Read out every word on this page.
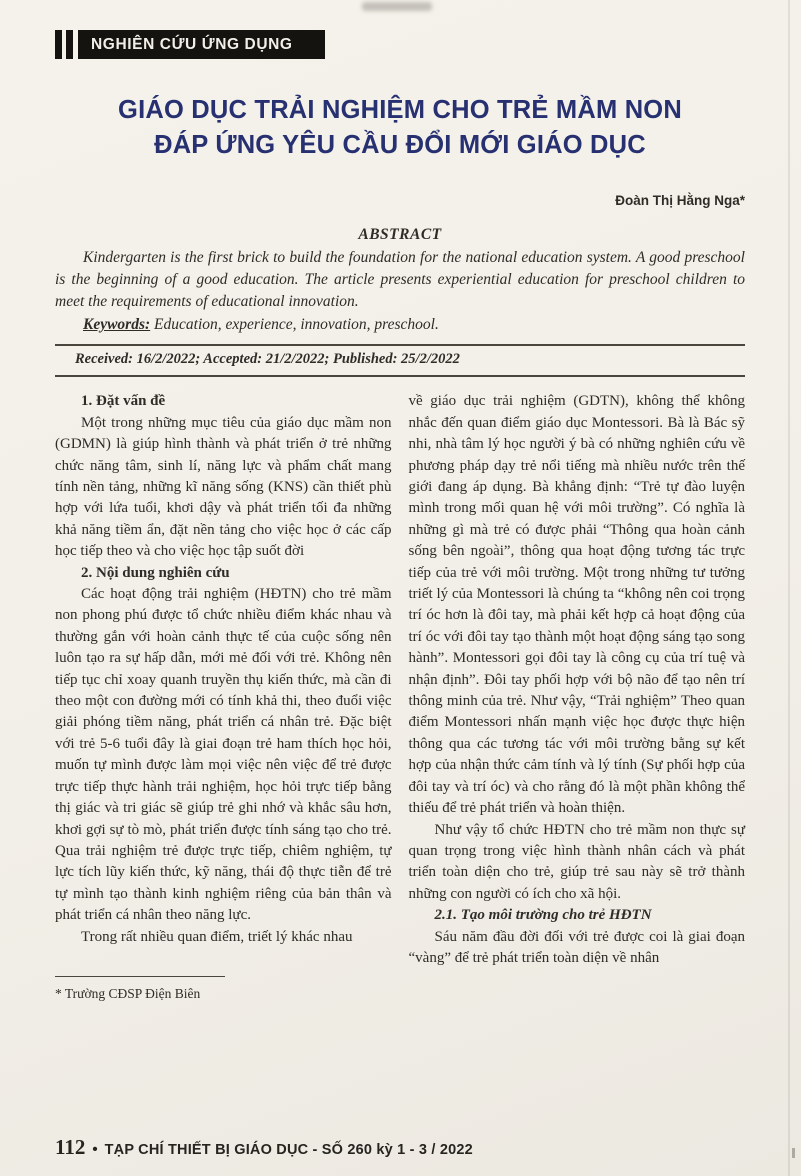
NGHIÊN CỨU ỨNG DỤNG
GIÁO DỤC TRẢI NGHIỆM CHO TRẺ MẦM NON
ĐÁP ỨNG YÊU CẦU ĐỔI MỚI GIÁO DỤC
Đoàn Thị Hằng Nga*
ABSTRACT

Kindergarten is the first brick to build the foundation for the national education system. A good preschool is the beginning of a good education. The article presents experiential education for preschool children to meet the requirements of educational innovation.

Keywords: Education, experience, innovation, preschool.

Received: 16/2/2022; Accepted: 21/2/2022; Published: 25/2/2022
1. Đặt vấn đề

Một trong những mục tiêu của giáo dục mầm non (GDMN) là giúp hình thành và phát triển ở trẻ những chức năng tâm, sinh lí, năng lực và phẩm chất mang tính nền tảng, những kĩ năng sống (KNS) cần thiết phù hợp với lứa tuổi, khơi dậy và phát triển tối đa những khả năng tiềm ẩn, đặt nền tảng cho việc học ở các cấp học tiếp theo và cho việc học tập suốt đời

2. Nội dung nghiên cứu

Các hoạt động trải nghiệm (HĐTN) cho trẻ mầm non phong phú được tổ chức nhiều điểm khác nhau và thường gắn với hoàn cảnh thực tế của cuộc sống nên luôn tạo ra sự hấp dẫn, mới mẻ đối với trẻ. Không nên tiếp tục chỉ xoay quanh truyền thụ kiến thức, mà cần đi theo một con đường mới có tính khả thi, theo đuổi việc giải phóng tiềm năng, phát triển cá nhân trẻ. Đặc biệt với trẻ 5-6 tuổi đây là giai đoạn trẻ ham thích học hỏi, muốn tự mình được làm mọi việc nên việc để trẻ được trực tiếp thực hành trải nghiệm, học hỏi trực tiếp bằng thị giác và tri giác sẽ giúp trẻ ghi nhớ và khắc sâu hơn, khơi gợi sự tò mò, phát triển được tính sáng tạo cho trẻ. Qua trải nghiệm trẻ được trực tiếp, chiêm nghiệm, tự lực tích lũy kiến thức, kỹ năng, thái độ thực tiễn để trẻ tự mình tạo thành kinh nghiệm riêng của bản thân và phát triển cá nhân theo năng lực.

Trong rất nhiều quan điểm, triết lý khác nhau

* Trường CĐSP Điện Biên

về giáo dục trải nghiệm (GDTN), không thể không nhắc đến quan điểm giáo dục Montessori. Bà là Bác sỹ nhi, nhà tâm lý học người ý bà có những nghiên cứu về phương pháp dạy trẻ nổi tiếng mà nhiều nước trên thế giới đang áp dụng. Bà khẳng định: “Trẻ tự đào luyện mình trong mối quan hệ với môi trường”. Có nghĩa là những gì mà trẻ có được phải “Thông qua hoàn cảnh sống bên ngoài”, thông qua hoạt động tương tác trực tiếp của trẻ với môi trường. Một trong những tư tưởng triết lý của Montessori là chúng ta “không nên coi trọng trí óc hơn là đôi tay, mà phải kết hợp cả hoạt động của trí óc với đôi tay tạo thành một hoạt động sáng tạo song hành”. Montessori gọi đôi tay là công cụ của trí tuệ và nhận định”. Đôi tay phối hợp với bộ não để tạo nên trí thông minh của trẻ. Như vậy, “Trải nghiệm” Theo quan điểm Montessori nhấn mạnh việc học được thực hiện thông qua các tương tác với môi trường bằng sự kết hợp của nhận thức cảm tính và lý tính (Sự phối hợp của đôi tay và trí óc) và cho rằng đó là một phần không thể thiếu để trẻ phát triển và hoàn thiện.

Như vậy tổ chức HĐTN cho trẻ mầm non thực sự quan trọng trong việc hình thành nhân cách và phát triển toàn diện cho trẻ, giúp trẻ sau này sẽ trở thành những con người có ích cho xã hội.

2.1. Tạo môi trường cho trẻ HĐTN

Sáu năm đầu đời đối với trẻ được coi là giai đoạn “vàng” để trẻ phát triển toàn diện về nhân

112 • TẠP CHÍ THIẾT BỊ GIÁO DỤC - SỐ 260 kỳ 1 - 3 / 2022
